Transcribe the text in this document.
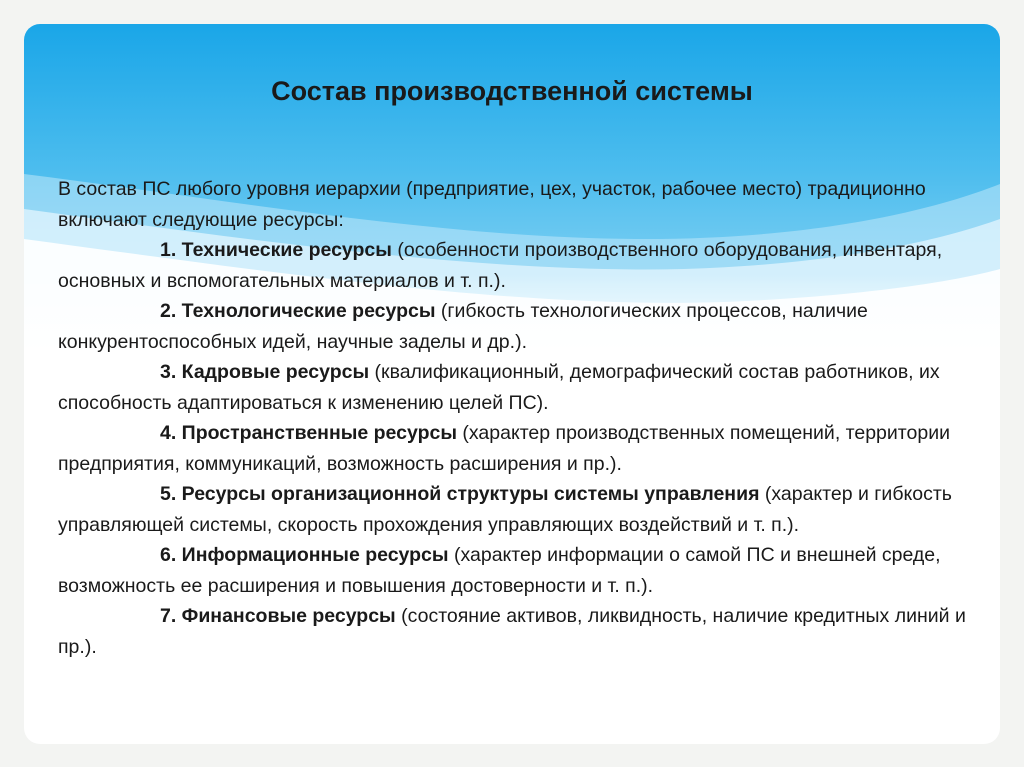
Состав производственной системы

В состав ПС любого уровня иерархии (предприятие, цех, участок, рабочее место) традиционно включают следующие ресурсы:

1. Технические ресурсы (особенности производственного оборудования, инвентаря, основных и вспомогательных материалов и т. п.).

2. Технологические ресурсы (гибкость технологических процессов, наличие конкурентоспособных идей, научные заделы и др.).

3. Кадровые ресурсы (квалификационный, демографический состав работников, их способность адаптироваться к изменению целей ПС).

4. Пространственные ресурсы (характер производственных помещений, территории предприятия, коммуникаций, возможность расширения и пр.).

5. Ресурсы организационной структуры системы управления (характер и гибкость управляющей системы, скорость прохождения управляющих воздействий и т. п.).

6. Информационные ресурсы (характер информации о самой ПС и внешней среде, возможность ее расширения и повышения достоверности и т. п.).

7. Финансовые ресурсы (состояние активов, ликвидность, наличие кредитных линий и пр.).
